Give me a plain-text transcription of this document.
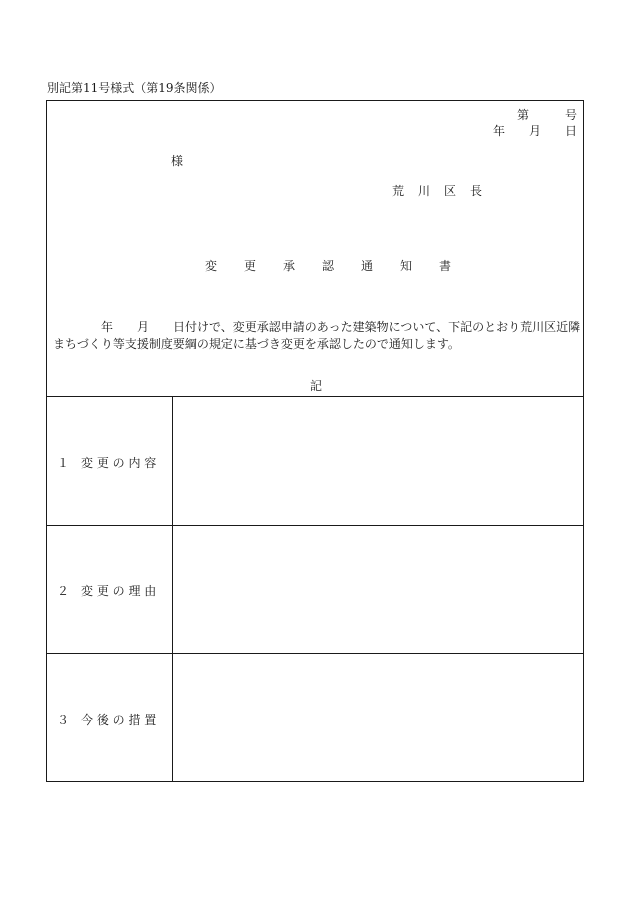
別記第11号様式（第19条関係）
第　　　号
年　　月　　日
様
荒　川　区　長
変　　更　　承　　認　　通　　知　　書
　　　　年　　月　　日付けで、変更承認申請のあった建築物について、下記のとおり荒川区近隣まちづくり等支援制度要綱の規定に基づき変更を承認したので通知します。
記
１　変 更 の 内 容
２　変 更 の 理 由
３　今 後 の 措 置
